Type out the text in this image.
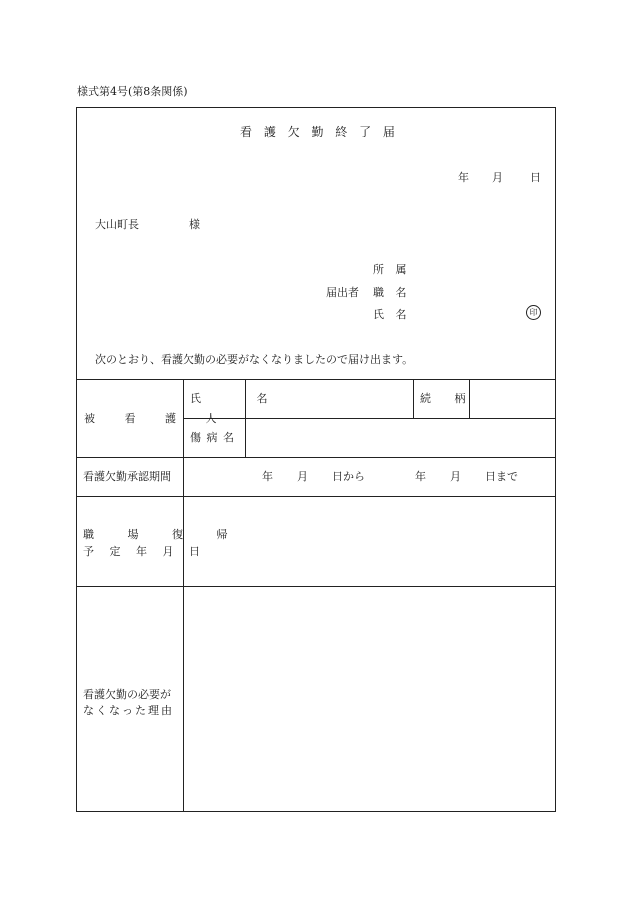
様式第4号(第8条関係)
看 護 欠 勤 終 了 届
年 月 日
大山町長	様
所 属
届出者 職 名
氏 名	印
次のとおり、看護欠勤の必要がなくなりましたので届け出ます。
被 看 護 人
氏 名	続 柄
傷 病 名
看護欠勤承認期間	年 月 日から	年 月 日まで
職 場 復 帰
予 定 年 月 日
看護欠勤の必要が
なくなった理由
